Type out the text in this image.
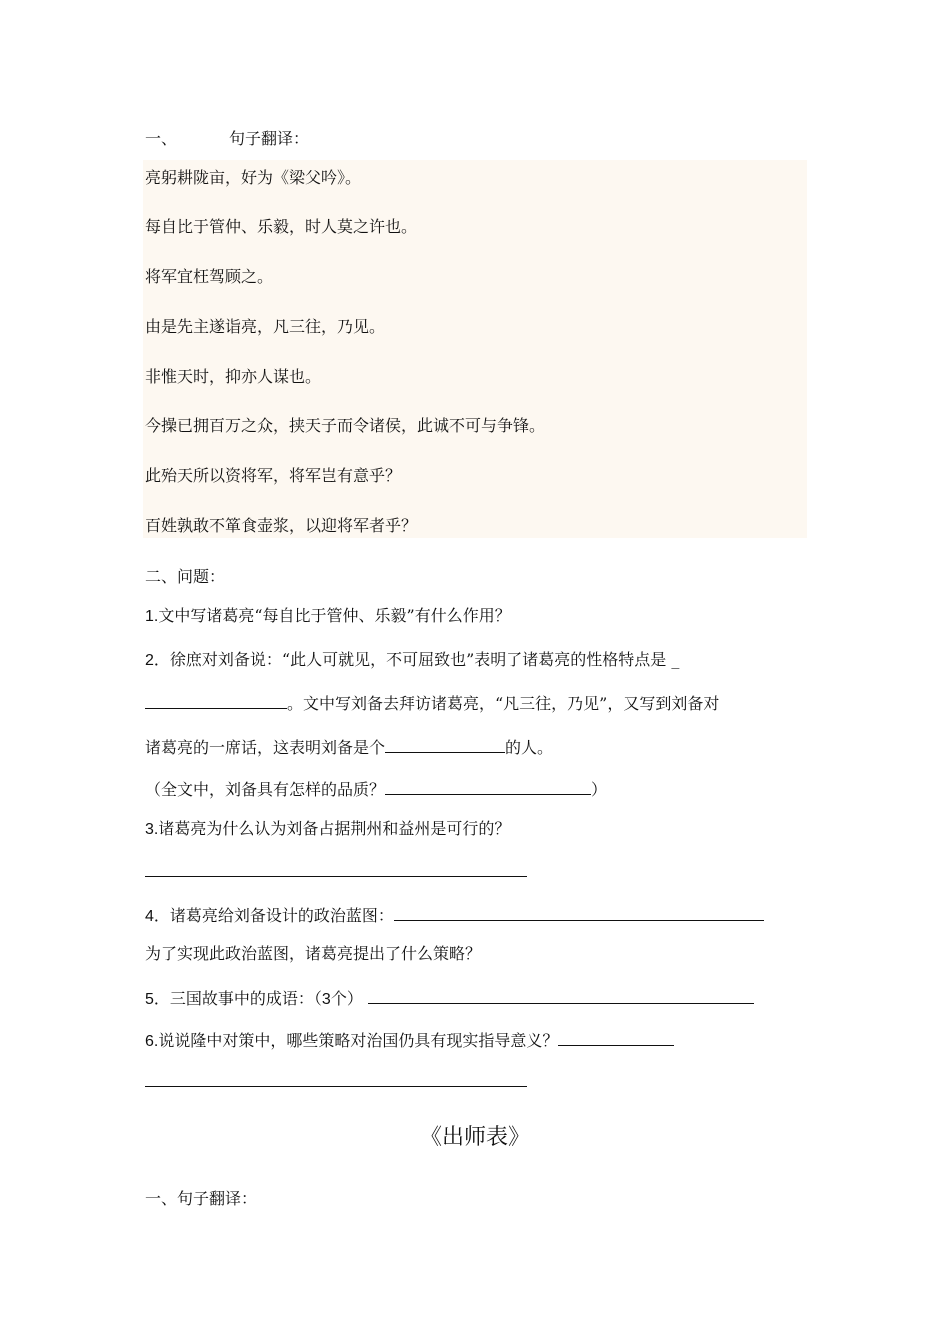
一、	句子翻译：
亮躬耕陇亩，好为《梁父吟》。
每自比于管仲、乐毅，时人莫之许也。
将军宜枉驾顾之。
由是先主遂诣亮，凡三往，乃见。
非惟天时，抑亦人谋也。
今操已拥百万之众，挟天子而令诸侯，此诚不可与争锋。
此殆天所以资将军，将军岂有意乎？
百姓孰敢不箪食壶浆，以迎将军者乎？
二、问题：
1.文中写诸葛亮“每自比于管仲、乐毅”有什么作用？
2．徐庶对刘备说：“此人可就见，不可屈致也”表明了诸葛亮的性格特点是 _
。文中写刘备去拜访诸葛亮，“凡三往，乃见”，又写到刘备对
诸葛亮的一席话，这表明刘备是个	的人。
（全文中，刘备具有怎样的品质？	）
3.诸葛亮为什么认为刘备占据荆州和益州是可行的？
4．诸葛亮给刘备设计的政治蓝图：
为了实现此政治蓝图，诸葛亮提出了什么策略？
5．三国故事中的成语：（3个）
6.说说隆中对策中，哪些策略对治国仍具有现实指导意义？
《出师表》
一、句子翻译：
